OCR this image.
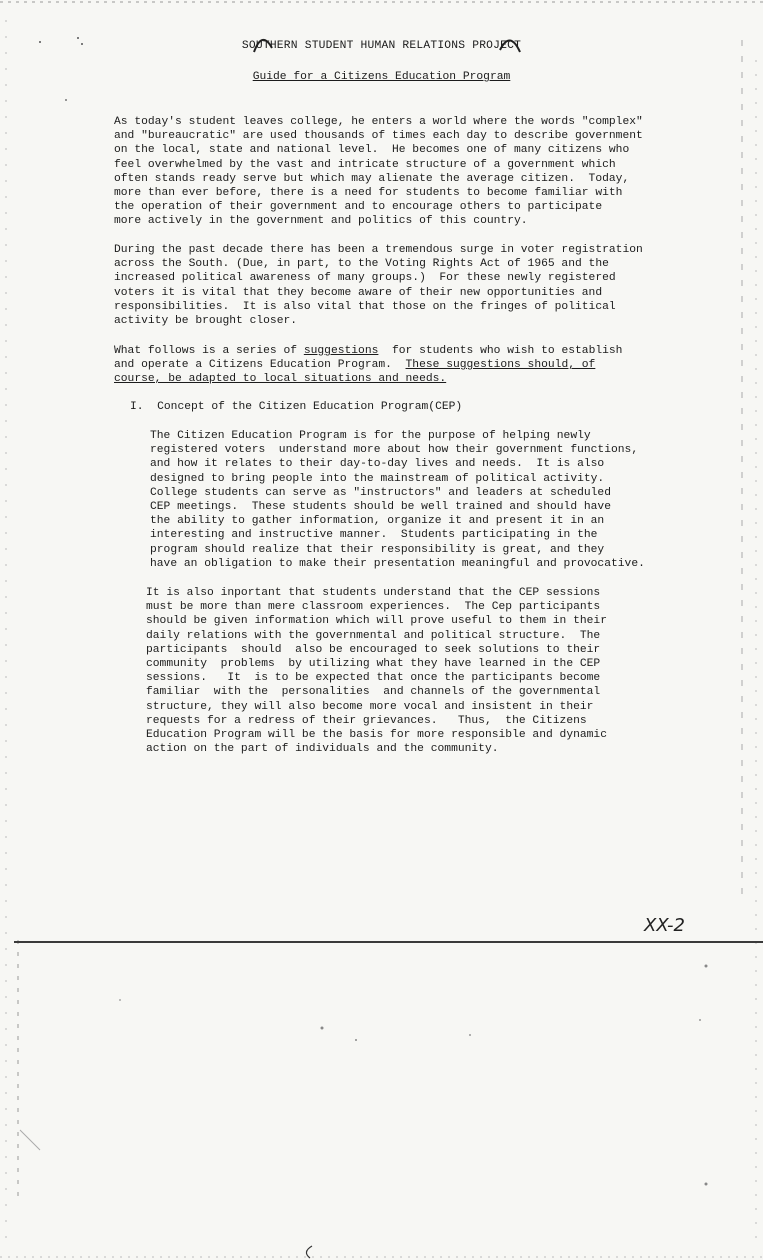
SOUTHERN STUDENT HUMAN RELATIONS PROJECT
Guide for a Citizens Education Program
As today's student leaves college, he enters a world where the words "complex"
and "bureaucratic" are used thousands of times each day to describe government
on the local, state and national level.  He becomes one of many citizens who
feel overwhelmed by the vast and intricate structure of a government which
often stands ready serve but which may alienate the average citizen.  Today,
more than ever before, there is a need for students to become familiar with
the operation of their government and to encourage others to participate
more actively in the government and politics of this country.
During the past decade there has been a tremendous surge in voter registration
across the South. (Due, in part, to the Voting Rights Act of 1965 and the
increased political awareness of many groups.)  For these newly registered
voters it is vital that they become aware of their new opportunities and
responsibilities.  It is also vital that those on the fringes of political
activity be brought closer.
What follows is a series of suggestions  for students who wish to establish
and operate a Citizens Education Program.  These suggestions should, of
course, be adapted to local situations and needs.
I.  Concept of the Citizen Education Program(CEP)
The Citizen Education Program is for the purpose of helping newly
registered voters  understand more about how their government functions,
and how it relates to their day-to-day lives and needs.  It is also
designed to bring people into the mainstream of political activity.
College students can serve as "instructors" and leaders at scheduled
CEP meetings.  These students should be well trained and should have
the ability to gather information, organize it and present it in an
interesting and instructive manner.  Students participating in the
program should realize that their responsibility is great, and they
have an obligation to make their presentation meaningful and provocative.
It is also inportant that students understand that the CEP sessions
must be more than mere classroom experiences.  The Cep participants
should be given information which will prove useful to them in their
daily relations with the governmental and political structure.  The
participants  should  also be encouraged to seek solutions to their
community  problems  by utilizing what they have learned in the CEP
sessions.   It  is to be expected that once the participants become
familiar  with the  personalities  and channels of the governmental
structure, they will also become more vocal and insistent in their
requests for a redress of their grievances.   Thus,  the Citizens
Education Program will be the basis for more responsible and dynamic
action on the part of individuals and the community.
XX-2
